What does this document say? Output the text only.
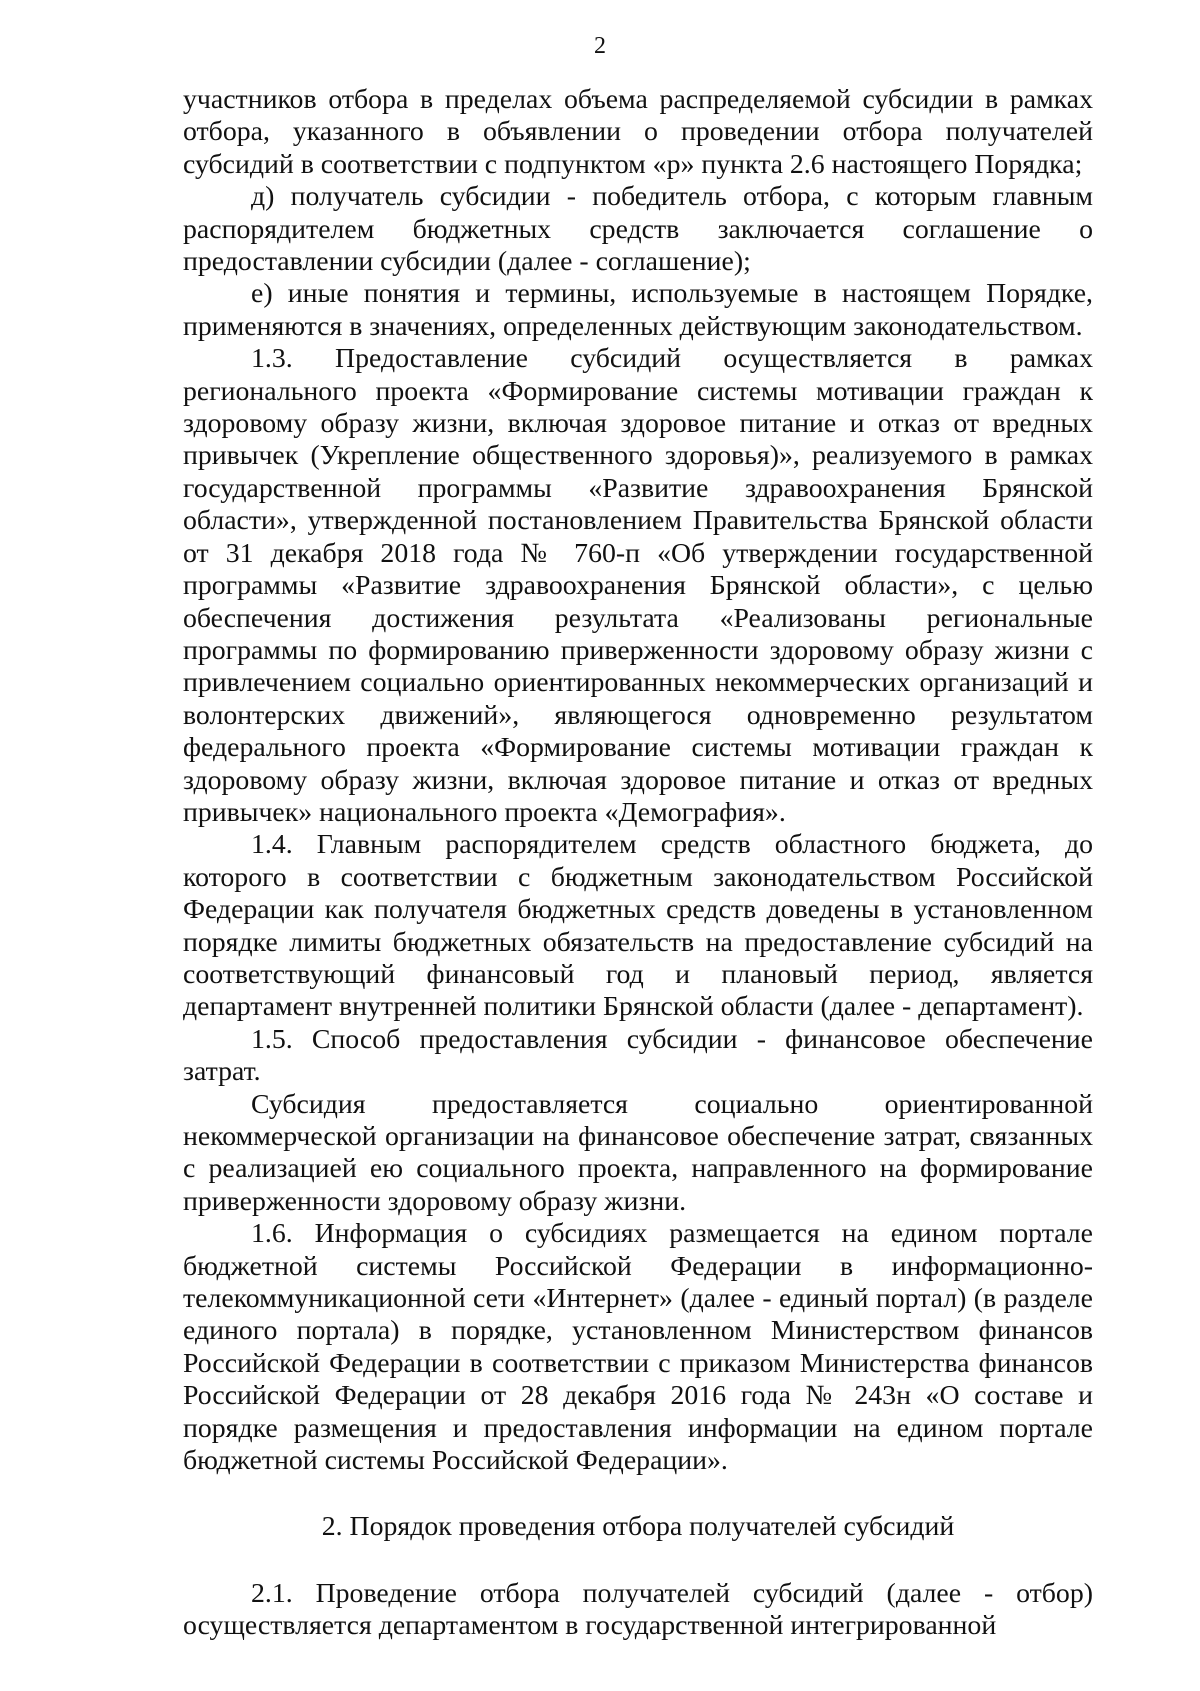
2

участников отбора в пределах объема распределяемой субсидии в рамках отбора, указанного в объявлении о проведении отбора получателей субсидий в соответствии с подпунктом «р» пункта 2.6 настоящего Порядка;

д) получатель субсидии - победитель отбора, с которым главным распорядителем бюджетных средств заключается соглашение о предоставлении субсидии (далее - соглашение);

е) иные понятия и термины, используемые в настоящем Порядке, применяются в значениях, определенных действующим законодательством.

1.3. Предоставление субсидий осуществляется в рамках регионального проекта «Формирование системы мотивации граждан к здоровому образу жизни, включая здоровое питание и отказ от вредных привычек (Укрепление общественного здоровья)», реализуемого в рамках государственной программы «Развитие здравоохранения Брянской области», утвержденной постановлением Правительства Брянской области от 31 декабря 2018 года № 760-п «Об утверждении государственной программы «Развитие здравоохранения Брянской области», с целью обеспечения достижения результата «Реализованы региональные программы по формированию приверженности здоровому образу жизни с привлечением социально ориентированных некоммерческих организаций и волонтерских движений», являющегося одновременно результатом федерального проекта «Формирование системы мотивации граждан к здоровому образу жизни, включая здоровое питание и отказ от вредных привычек» национального проекта «Демография».

1.4. Главным распорядителем средств областного бюджета, до которого в соответствии с бюджетным законодательством Российской Федерации как получателя бюджетных средств доведены в установленном порядке лимиты бюджетных обязательств на предоставление субсидий на соответствующий финансовый год и плановый период, является департамент внутренней политики Брянской области (далее - департамент).

1.5. Способ предоставления субсидии - финансовое обеспечение затрат.

Субсидия предоставляется социально ориентированной некоммерческой организации на финансовое обеспечение затрат, связанных с реализацией ею социального проекта, направленного на формирование приверженности здоровому образу жизни.

1.6. Информация о субсидиях размещается на едином портале бюджетной системы Российской Федерации в информационно-телекоммуникационной сети «Интернет» (далее - единый портал) (в разделе единого портала) в порядке, установленном Министерством финансов Российской Федерации в соответствии с приказом Министерства финансов Российской Федерации от 28 декабря 2016 года № 243н «О составе и порядке размещения и предоставления информации на едином портале бюджетной системы Российской Федерации».

2. Порядок проведения отбора получателей субсидий

2.1. Проведение отбора получателей субсидий (далее - отбор) осуществляется департаментом в государственной интегрированной
